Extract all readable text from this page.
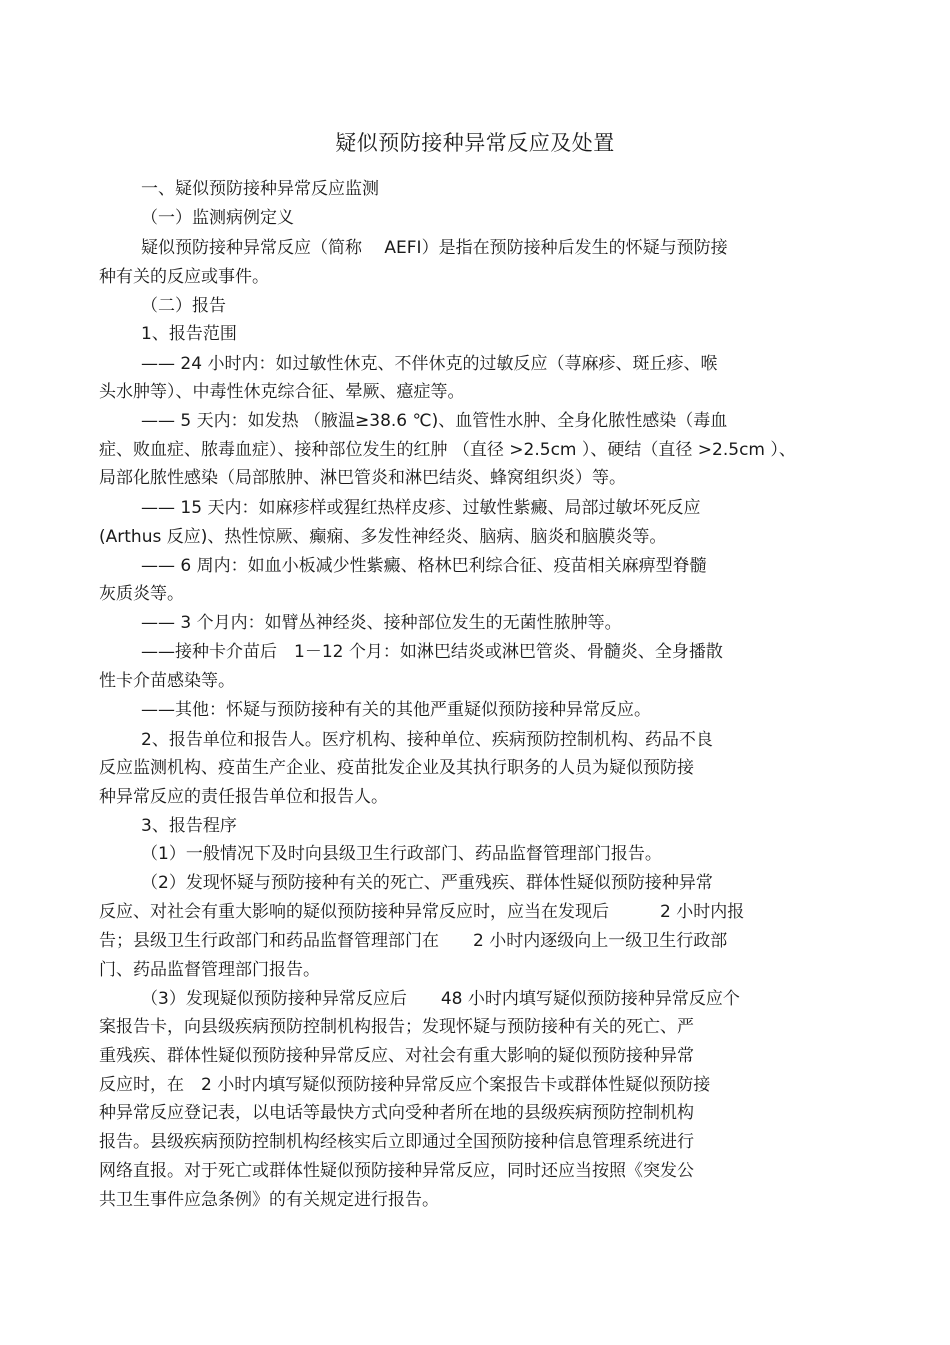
疑似预防接种异常反应及处置
一、疑似预防接种异常反应监测
（一）监测病例定义
疑似预防接种异常反应（简称　 AEFI）是指在预防接种后发生的怀疑与预防接
种有关的反应或事件。
（二）报告
1、报告范围
—— 24 小时内：如过敏性休克、不伴休克的过敏反应（荨麻疹、斑丘疹、喉
头水肿等）、中毒性休克综合征、晕厥、癔症等。
—— 5 天内：如发热 （腋温≥38.6 ℃)、血管性水肿、全身化脓性感染（毒血
症、败血症、脓毒血症）、接种部位发生的红肿 （直径 >2.5cm ）、硬结（直径 >2.5cm ）、
局部化脓性感染（局部脓肿、淋巴管炎和淋巴结炎、蜂窝组织炎）等。
—— 15 天内：如麻疹样或猩红热样皮疹、过敏性紫癜、局部过敏坏死反应
(Arthus 反应)、热性惊厥、癫痫、多发性神经炎、脑病、脑炎和脑膜炎等。
—— 6 周内：如血小板减少性紫癜、格林巴利综合征、疫苗相关麻痹型脊髓
灰质炎等。
—— 3 个月内：如臂丛神经炎、接种部位发生的无菌性脓肿等。
——接种卡介苗后　1－12 个月：如淋巴结炎或淋巴管炎、骨髓炎、全身播散
性卡介苗感染等。
——其他：怀疑与预防接种有关的其他严重疑似预防接种异常反应。
2、报告单位和报告人。医疗机构、接种单位、疾病预防控制机构、药品不良
反应监测机构、疫苗生产企业、疫苗批发企业及其执行职务的人员为疑似预防接
种异常反应的责任报告单位和报告人。
3、报告程序
（1）一般情况下及时向县级卫生行政部门、药品监督管理部门报告。
（2）发现怀疑与预防接种有关的死亡、严重残疾、群体性疑似预防接种异常
反应、对社会有重大影响的疑似预防接种异常反应时，应当在发现后　　　2 小时内报
告；县级卫生行政部门和药品监督管理部门在　　2 小时内逐级向上一级卫生行政部
门、药品监督管理部门报告。
（3）发现疑似预防接种异常反应后　　48 小时内填写疑似预防接种异常反应个
案报告卡，向县级疾病预防控制机构报告；发现怀疑与预防接种有关的死亡、严
重残疾、群体性疑似预防接种异常反应、对社会有重大影响的疑似预防接种异常
反应时，在　2 小时内填写疑似预防接种异常反应个案报告卡或群体性疑似预防接
种异常反应登记表，以电话等最快方式向受种者所在地的县级疾病预防控制机构
报告。县级疾病预防控制机构经核实后立即通过全国预防接种信息管理系统进行
网络直报。对于死亡或群体性疑似预防接种异常反应，同时还应当按照《突发公
共卫生事件应急条例》的有关规定进行报告。
